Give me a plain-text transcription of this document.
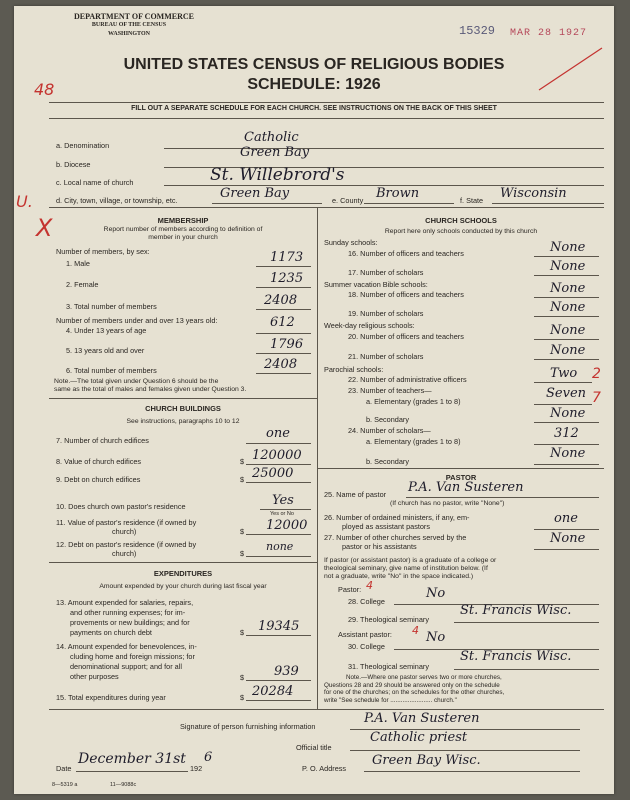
DEPARTMENT OF COMMERCE
BUREAU OF THE CENSUS
WASHINGTON	15329 MAR 28 1927
48
U.
X
UNITED STATES CENSUS OF RELIGIOUS BODIES
SCHEDULE: 1926
FILL OUT A SEPARATE SCHEDULE FOR EACH CHURCH. SEE INSTRUCTIONS ON THE BACK OF THIS SHEET
a. Denomination
Catholic
b. Diocese
Green Bay
c. Local name of church	St. Willebrord's
d. City, town, village, or township, etc.	Green Bay	e. County Brown	f. State Wisconsin
MEMBERSHIP
Report number of members according to definition of
member in your church
Number of members, by sex:
1. Male	1173
2. Female	1235
3. Total number of members	2408
Number of members under and over 13 years old:
4. Under 13 years of age
612
5. 13 years old and over	1796
6. Total number of members	2408
Note.—The total given under Question 6 should be the
same as the total of males and females given under Question 3.
CHURCH BUILDINGS
See instructions, paragraphs 10 to 12
7. Number of church edifices	one
8. Value of church edifices	$ 120000
9. Debt on church edifices	$ 25000
10. Does church own pastor's residence	Yes
Yes or No
11. Value of pastor's residence (if owned by
church)	$ 12000
12. Debt on pastor's residence (if owned by
church)	$
none
EXPENDITURES
Amount expended by your church during last fiscal year
13. Amount expended for salaries, repairs,
and other running expenses; for im-
provements or new buildings; and for
payments on church debt	$ 19345
14. Amount expended for benevolences, in-
cluding home and foreign missions; for
denominational support; and for all
other purposes	$ 939
15. Total expenditures during year	$ 20284
CHURCH SCHOOLS
Report here only schools conducted by this church
Sunday schools:
16. Number of officers and teachers	None
17. Number of scholars	None
Summer vacation Bible schools:
18. Number of officers and teachers	None
19. Number of scholars	None
Week-day religious schools:
20. Number of officers and teachers	None
21. Number of scholars	None
Parochial schools:
22. Number of administrative officers	Two 2
23. Number of teachers—
a. Elementary (grades 1 to 8)
Seven 7
b. Secondary	None
24. Number of scholars—
a. Elementary (grades 1 to 8)
312
b. Secondary
None
PASTOR
25. Name of pastor P.A. Van Susteren
(If church has no pastor, write "None")
26. Number of ordained ministers, if any, em-
ployed as assistant pastors
one
27. Number of other churches served by the
pastor or his assistants
None
If pastor (or assistant pastor) is a graduate of a college or
theological seminary, give name of institution below. (If
not a graduate, write "No" in the space indicated.)
Pastor: 4
28. College
No
29. Theological seminary
St. Francis Wisc.
Assistant pastor: 4
30. College
No
31. Theological seminary
St. Francis Wisc.
Note.—Where one pastor serves two or more churches,
Questions 28 and 29 should be answered only on the schedule
for one of the churches; on the schedules for the other churches,
write "See schedule for ........................ church."
Signature of person furnishing information
P.A. Van Susteren
Official title
Catholic priest
Date
December 31st
192
6
P. O. Address
Green Bay Wisc.
8—5319 a	11—9088c
